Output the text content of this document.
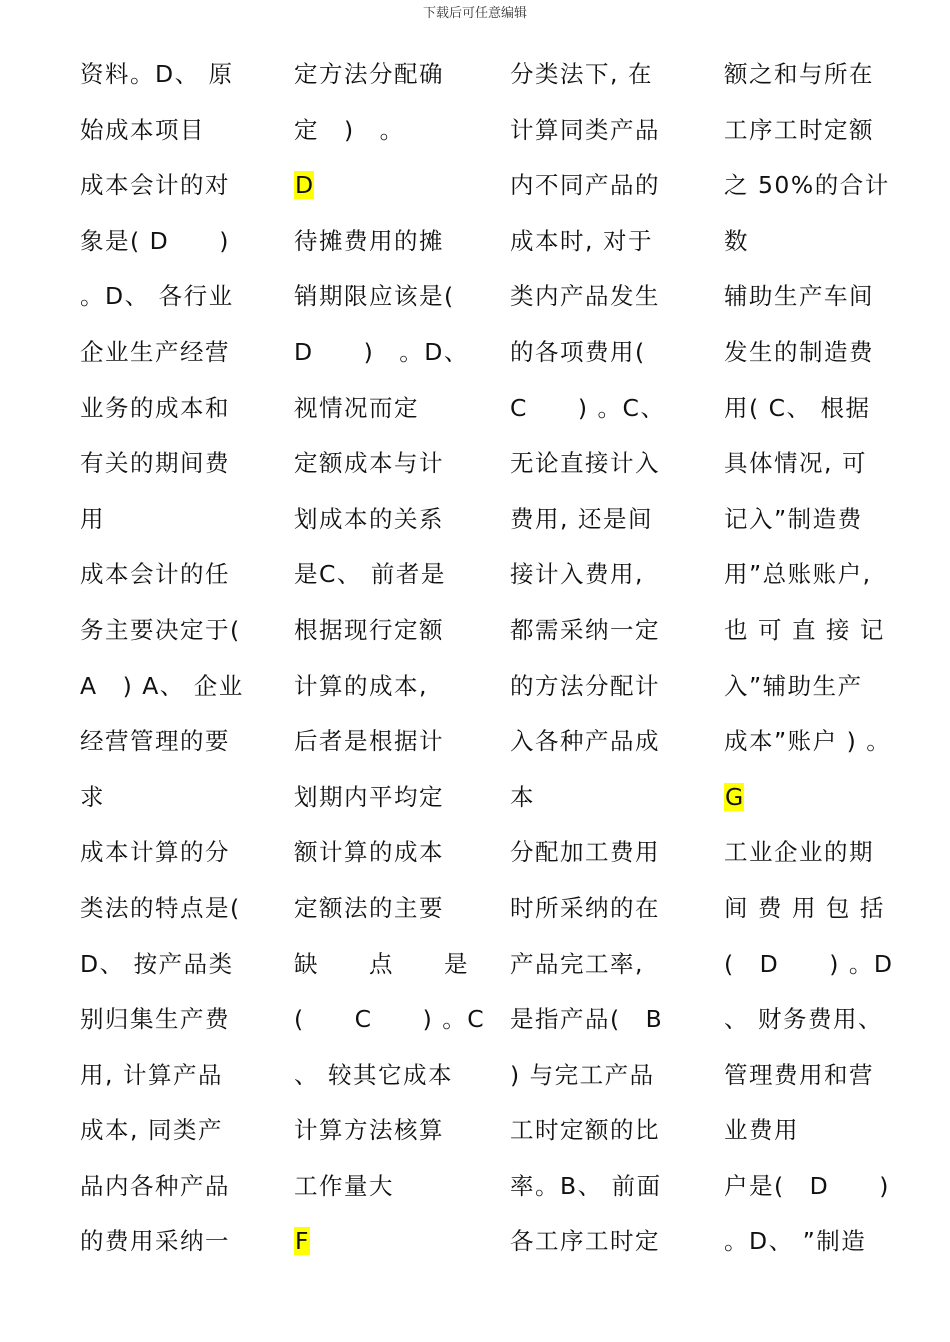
下载后可任意编辑
资料。D、 原
始成本项目
成本会计的对
象是( D　　)
。D、 各行业
企业生产经营
业务的成本和
有关的期间费
用
成本会计的任
务主要决定于(
A　) A、 企业
经营管理的要
求
成本计算的分
类法的特点是(
D、 按产品类
别归集生产费
用, 计算产品
成本, 同类产
品内各种产品
的费用采纳一
定方法分配确
定　)　。
D
待摊费用的摊
销期限应该是(
D　　)　。D、
视情况而定
定额成本与计
划成本的关系
是C、 前者是
根据现行定额
计算的成本,
后者是根据计
划期内平均定
额计算的成本
定额法的主要
缺　　点　　是
(　　C　　) 。C
、 较其它成本
计算方法核算
工作量大
F
分类法下, 在
计算同类产品
内不同产品的
成本时, 对于
类内产品发生
的各项费用(
C　　) 。C、
无论直接计入
费用, 还是间
接计入费用,
都需采纳一定
的方法分配计
入各种产品成
本
分配加工费用
时所采纳的在
产品完工率,
是指产品(　B
) 与完工产品
工时定额的比
率。B、 前面
各工序工时定
额之和与所在
工序工时定额
之 50%的合计
数
辅助生产车间
发生的制造费
用( C、 根据
具体情况, 可
记入”制造费
用”总账账户,
也 可 直 接 记
入”辅助生产
成本”账户 ) 。
G
工业企业的期
间 费 用 包 括
(　D　　) 。D
、 财务费用、
管理费用和营
业费用
户是(　D　　)
。D、 ”制造
